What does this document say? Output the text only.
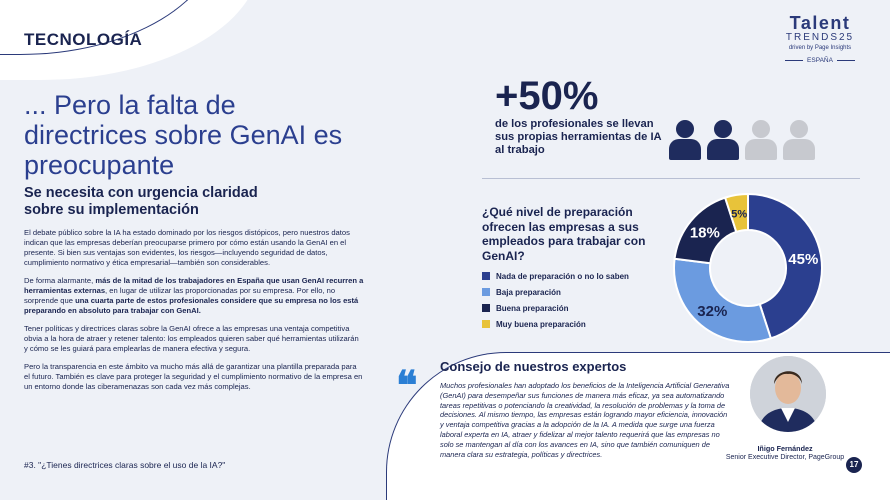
TECNOLOGÍA
Talent
TRENDS25
driven by Page Insights
ESPAÑA
... Pero la falta de directrices sobre GenAI es preocupante
Se necesita con urgencia claridad sobre su implementación

El debate público sobre la IA ha estado dominado por los riesgos distópicos, pero nuestros datos indican que las empresas deberían preocuparse primero por cómo están usando la GenAI en el presente. Si bien sus ventajas son evidentes, los riesgos—incluyendo seguridad de datos, cumplimiento normativo y ética empresarial—también son considerables.

De forma alarmante, más de la mitad de los trabajadores en España que usan GenAI recurren a herramientas externas, en lugar de utilizar las proporcionadas por su empresa. Por ello, no sorprende que una cuarta parte de estos profesionales considere que su empresa no los está preparando en absoluto para trabajar con GenAI.

Tener políticas y directrices claras sobre la GenAI ofrece a las empresas una ventaja competitiva obvia a la hora de atraer y retener talento: los empleados quieren saber qué herramientas utilizarán y cómo se les guiará para emplearlas de manera efectiva y segura.

Pero la transparencia en este ámbito va mucho más allá de garantizar una plantilla preparada para el futuro. También es clave para proteger la seguridad y el cumplimiento normativo de la empresa en un entorno donde las ciberamenazas son cada vez más complejas.

#3. "¿Tienes directrices claras sobre el uso de la IA?"
+50%
de los profesionales se llevan sus propias herramientas de IA al trabajo
¿Qué nivel de preparación ofrecen las empresas a sus empleados para trabajar con GenAI?
Nada de preparación o no lo saben
Baja preparación
Buena preparación
Muy buena preparación
45%
32%
18%
5%
❝ Consejo de nuestros expertos
Muchos profesionales han adoptado los beneficios de la Inteligencia Artificial Generativa (GenAI) para desempeñar sus funciones de manera más eficaz, ya sea automatizando tareas repetitivas o potenciando la creatividad, la resolución de problemas y la toma de decisiones. Al mismo tiempo, las empresas están logrando mayor eficiencia, innovación y ventaja competitiva gracias a la adopción de la IA. A medida que surge una fuerza laboral experta en IA, atraer y fidelizar al mejor talento requerirá que las empresas no solo se mantengan al día con los avances en IA, sino que también comuniquen de manera clara su estrategia, políticas y directrices.
Iñigo Fernández
Senior Executive Director, PageGroup
17
